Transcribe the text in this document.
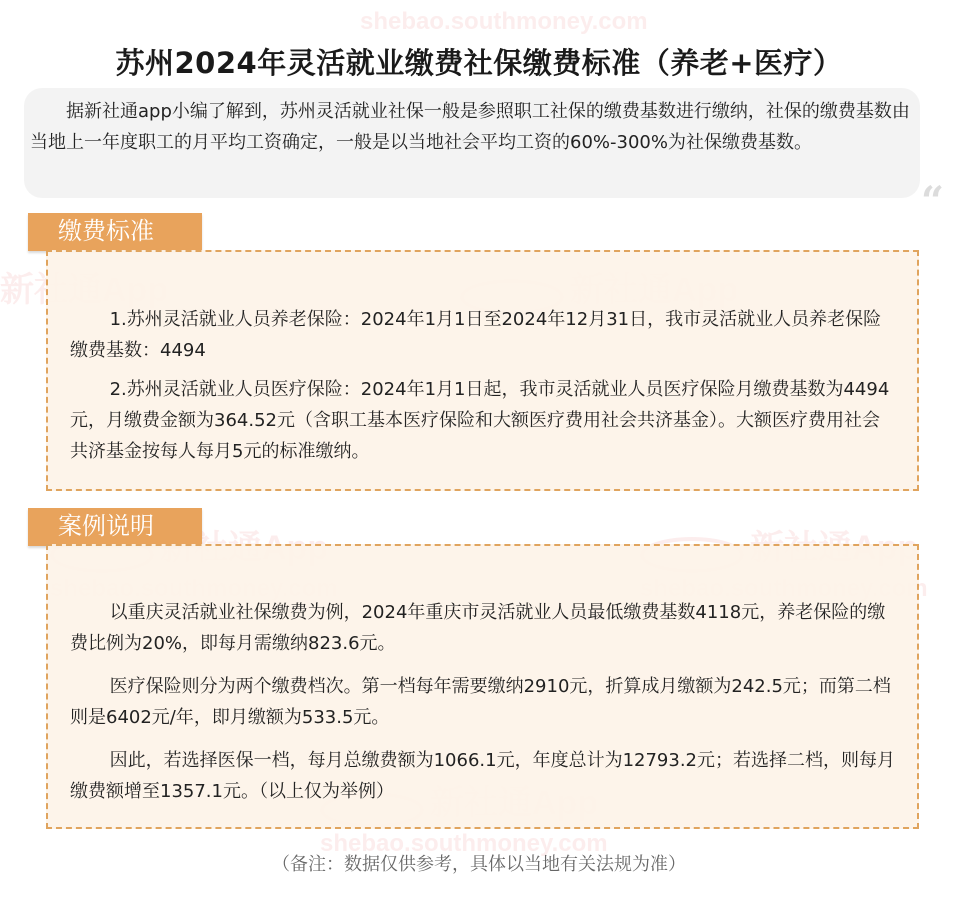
shebao.southmoney.com
shebao.southmoney.com
苏州2024年灵活就业缴费社保缴费标准（养老+医疗）
据新社通app小编了解到，苏州灵活就业社保一般是参照职工社保的缴费基数进行缴纳，社保的缴费基数由当地上一年度职工的月平均工资确定，一般是以当地社会平均工资的60%-300%为社保缴费基数。
“
缴费标准

1.苏州灵活就业人员养老保险：2024年1月1日至2024年12月31日，我市灵活就业人员养老保险缴费基数：4494

2.苏州灵活就业人员医疗保险：2024年1月1日起，我市灵活就业人员医疗保险月缴费基数为4494元，月缴费金额为364.52元（含职工基本医疗保险和大额医疗费用社会共济基金）。大额医疗费用社会共济基金按每人每月5元的标准缴纳。

案例说明

以重庆灵活就业社保缴费为例，2024年重庆市灵活就业人员最低缴费基数4118元，养老保险的缴费比例为20%，即每月需缴纳823.6元。

医疗保险则分为两个缴费档次。第一档每年需要缴纳2910元，折算成月缴额为242.5元；而第二档则是6402元/年，即月缴额为533.5元。

因此，若选择医保一档，每月总缴费额为1066.1元，年度总计为12793.2元；若选择二档，则每月缴费额增至1357.1元。（以上仅为举例）

（备注：数据仅供参考，具体以当地有关法规为准）
